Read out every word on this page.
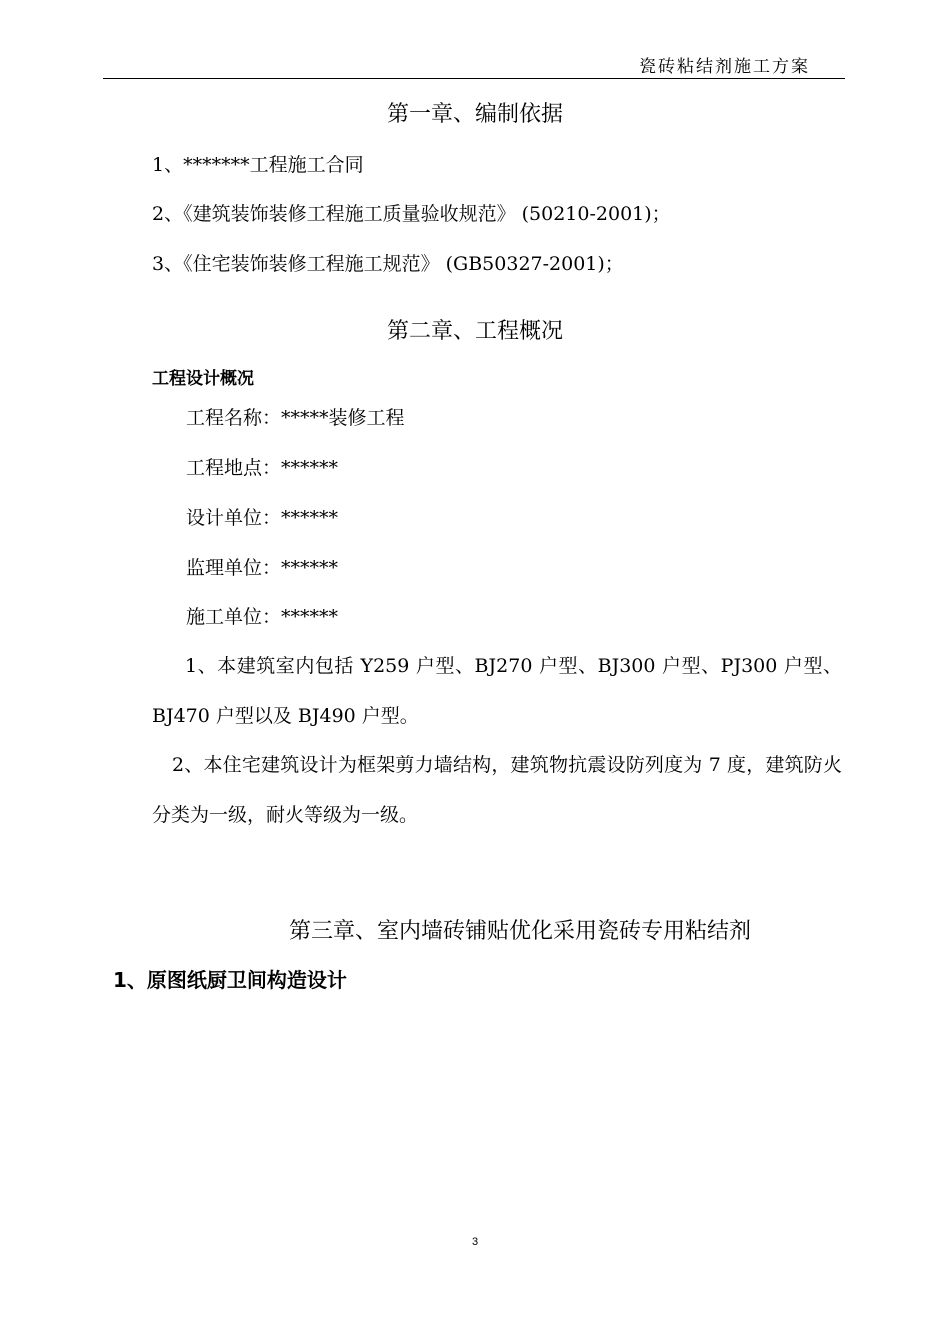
瓷砖粘结剂施工方案
第一章、编制依据
1、*******工程施工合同
2、《建筑装饰装修工程施工质量验收规范》 (50210-2001)；
3、《住宅装饰装修工程施工规范》 (GB50327-2001)；
第二章、工程概况
工程设计概况
工程名称：*****装修工程
工程地点：******
设计单位：******
监理单位：******
施工单位：******
1、本建筑室内包括 Y259 户型、BJ270 户型、BJ300 户型、PJ300 户型、BJ470 户型以及 BJ490 户型。
2、本住宅建筑设计为框架剪力墙结构，建筑物抗震设防列度为 7 度，建筑防火分类为一级，耐火等级为一级。
第三章、室内墙砖铺贴优化采用瓷砖专用粘结剂
1、原图纸厨卫间构造设计
3
